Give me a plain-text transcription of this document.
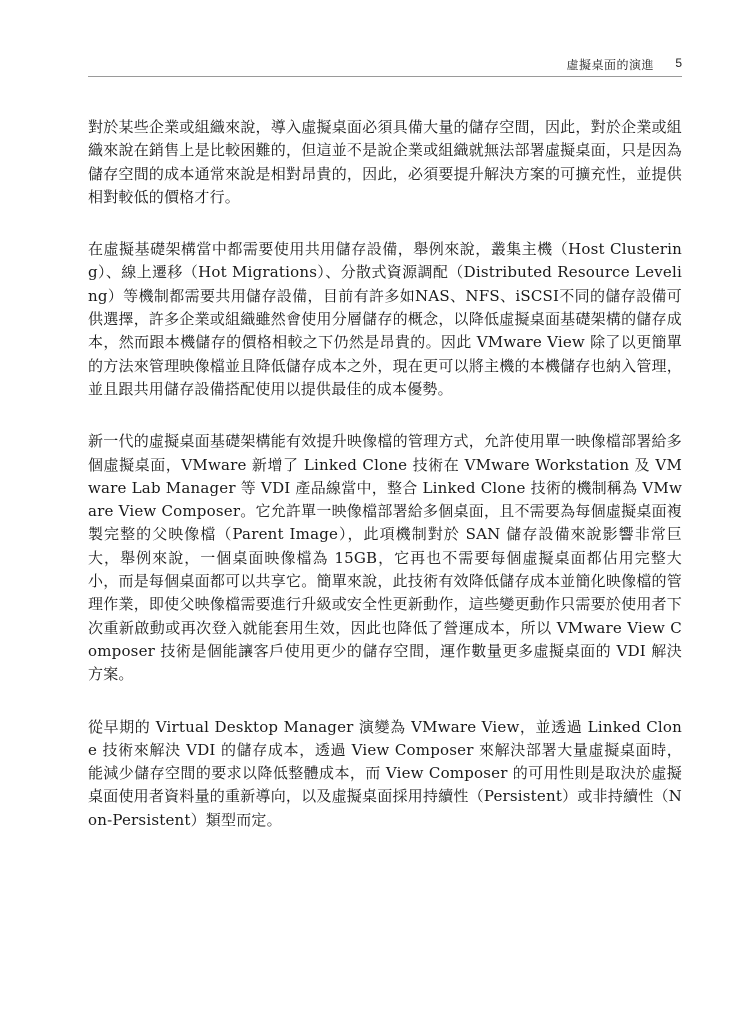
虛擬桌面的演進 5

對於某些企業或組織來說，導入虛擬桌面必須具備大量的儲存空間，因此，對於企業或組織來說在銷售上是比較困難的，但這並不是說企業或組織就無法部署虛擬桌面，只是因為儲存空間的成本通常來說是相對昂貴的，因此，必須要提升解決方案的可擴充性，並提供相對較低的價格才行。

在虛擬基礎架構當中都需要使用共用儲存設備，舉例來說，叢集主機（Host Clustering）、線上遷移（Hot Migrations）、分散式資源調配（Distributed Resource Leveling）等機制都需要共用儲存設備，目前有許多如NAS、NFS、iSCSI不同的儲存設備可供選擇，許多企業或組織雖然會使用分層儲存的概念，以降低虛擬桌面基礎架構的儲存成本，然而跟本機儲存的價格相較之下仍然是昂貴的。因此 VMware View 除了以更簡單的方法來管理映像檔並且降低儲存成本之外，現在更可以將主機的本機儲存也納入管理，並且跟共用儲存設備搭配使用以提供最佳的成本優勢。

新一代的虛擬桌面基礎架構能有效提升映像檔的管理方式，允許使用單一映像檔部署給多個虛擬桌面，VMware 新增了 Linked Clone 技術在 VMware Workstation 及 VMware Lab Manager 等 VDI 產品線當中，整合 Linked Clone 技術的機制稱為 VMware View Composer。它允許單一映像檔部署給多個桌面，且不需要為每個虛擬桌面複製完整的父映像檔（Parent Image），此項機制對於 SAN 儲存設備來說影響非常巨大，舉例來說，一個桌面映像檔為 15GB，它再也不需要每個虛擬桌面都佔用完整大小，而是每個桌面都可以共享它。簡單來說，此技術有效降低儲存成本並簡化映像檔的管理作業，即使父映像檔需要進行升級或安全性更新動作，這些變更動作只需要於使用者下次重新啟動或再次登入就能套用生效，因此也降低了營運成本，所以 VMware View Composer 技術是個能讓客戶使用更少的儲存空間，運作數量更多虛擬桌面的 VDI 解決方案。

從早期的 Virtual Desktop Manager 演變為 VMware View，並透過 Linked Clone 技術來解決 VDI 的儲存成本，透過 View Composer 來解決部署大量虛擬桌面時，能減少儲存空間的要求以降低整體成本，而 View Composer 的可用性則是取決於虛擬桌面使用者資料量的重新導向，以及虛擬桌面採用持續性（Persistent）或非持續性（Non-Persistent）類型而定。
